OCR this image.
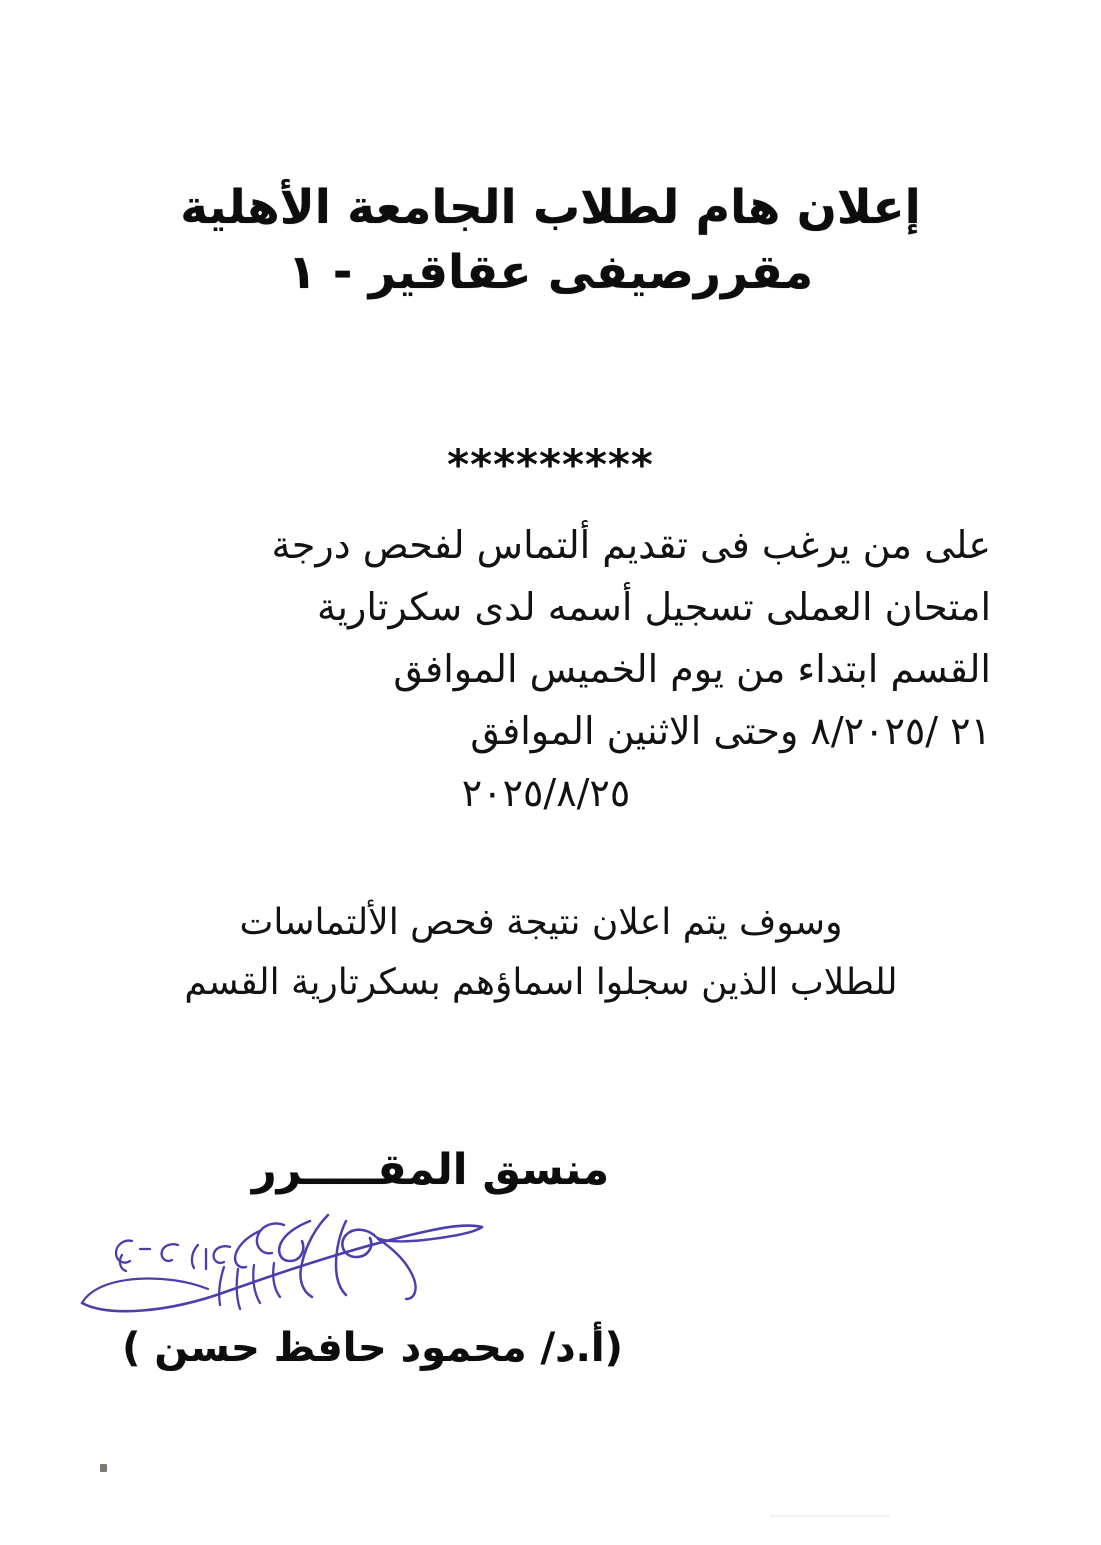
إعلان هام لطلاب الجامعة الأهلية
مقررصيفى عقاقير - ١
*********
على من يرغب فى تقديم ألتماس لفحص درجة
امتحان العملى تسجيل أسمه لدى سكرتارية
القسم ابتداء من يوم الخميس الموافق
٢١ /٨/٢٠٢٥ وحتى الاثنين الموافق
٢٠٢٥/٨/٢٥
وسوف يتم اعلان نتيجة فحص الألتماسات
للطلاب الذين سجلوا اسماؤهم بسكرتارية القسم
منسق المقـــــرر
(أ.د/ محمود حافظ حسن )
